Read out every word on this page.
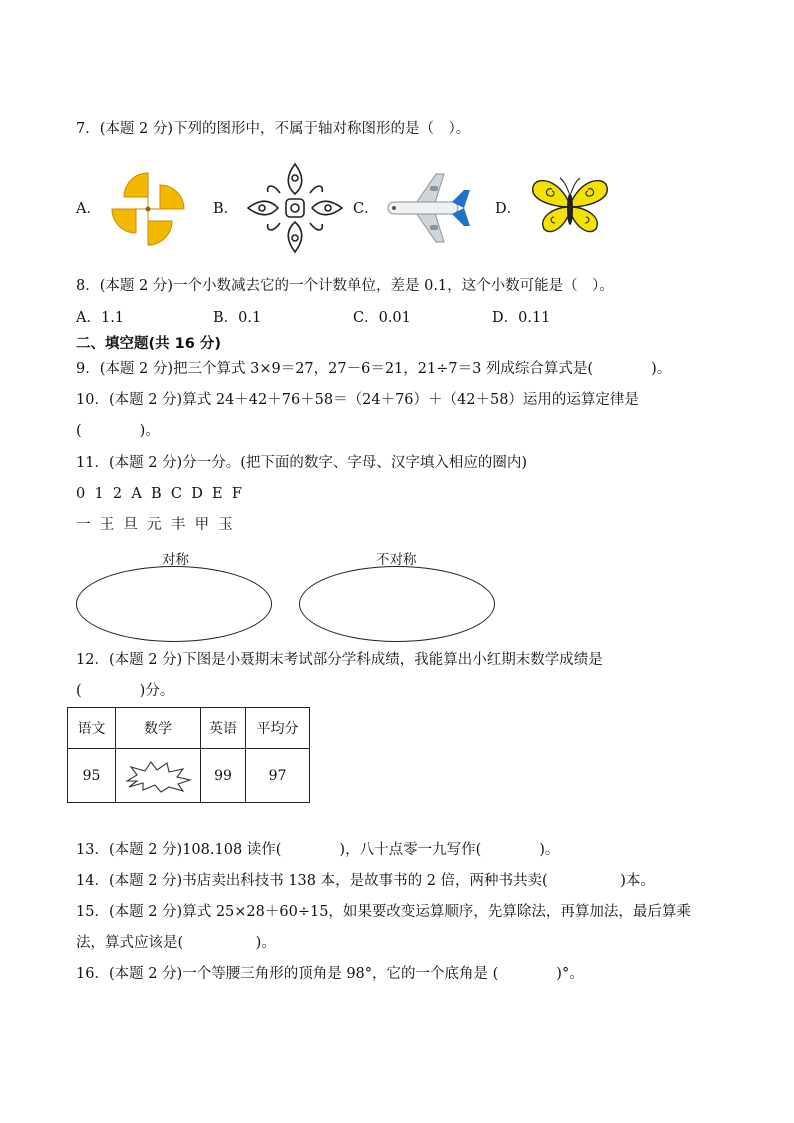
7．(本题 2 分)下列的图形中，不属于轴对称图形的是（　）。
A．	B．	C．	D．
8．(本题 2 分)一个小数减去它的一个计数单位，差是 0.1，这个小数可能是（　）。
A．1.1	B．0.1	C．0.01	D．0.11
二、填空题(共 16 分)
9．(本题 2 分)把三个算式 3×9＝27，27－6＝21，21÷7＝3 列成综合算式是(　　　　)。
10．(本题 2 分)算式 24＋42＋76＋58＝（24＋76）＋（42＋58）运用的运算定律是
(　　　　)。
11．(本题 2 分)分一分。(把下面的数字、字母、汉字填入相应的圈内)
0  1  2  A  B  C  D  E  F
一  王  旦  元  丰  甲  玉
对称	不对称
12．(本题 2 分)下图是小聂期末考试部分学科成绩，我能算出小红期末数学成绩是
(　　　　)分。
语文	数学	英语	平均分
95		99	97
13．(本题 2 分)108.108 读作(　　　　)，八十点零一九写作(　　　　)。
14．(本题 2 分)书店卖出科技书 138 本，是故事书的 2 倍，两种书共卖(　　　　　)本。
15．(本题 2 分)算式 25×28＋60÷15，如果要改变运算顺序，先算除法，再算加法，最后算乘
法，算式应该是(　　　　　)。
16．(本题 2 分)一个等腰三角形的顶角是 98°，它的一个底角是 (　　　　)°。
